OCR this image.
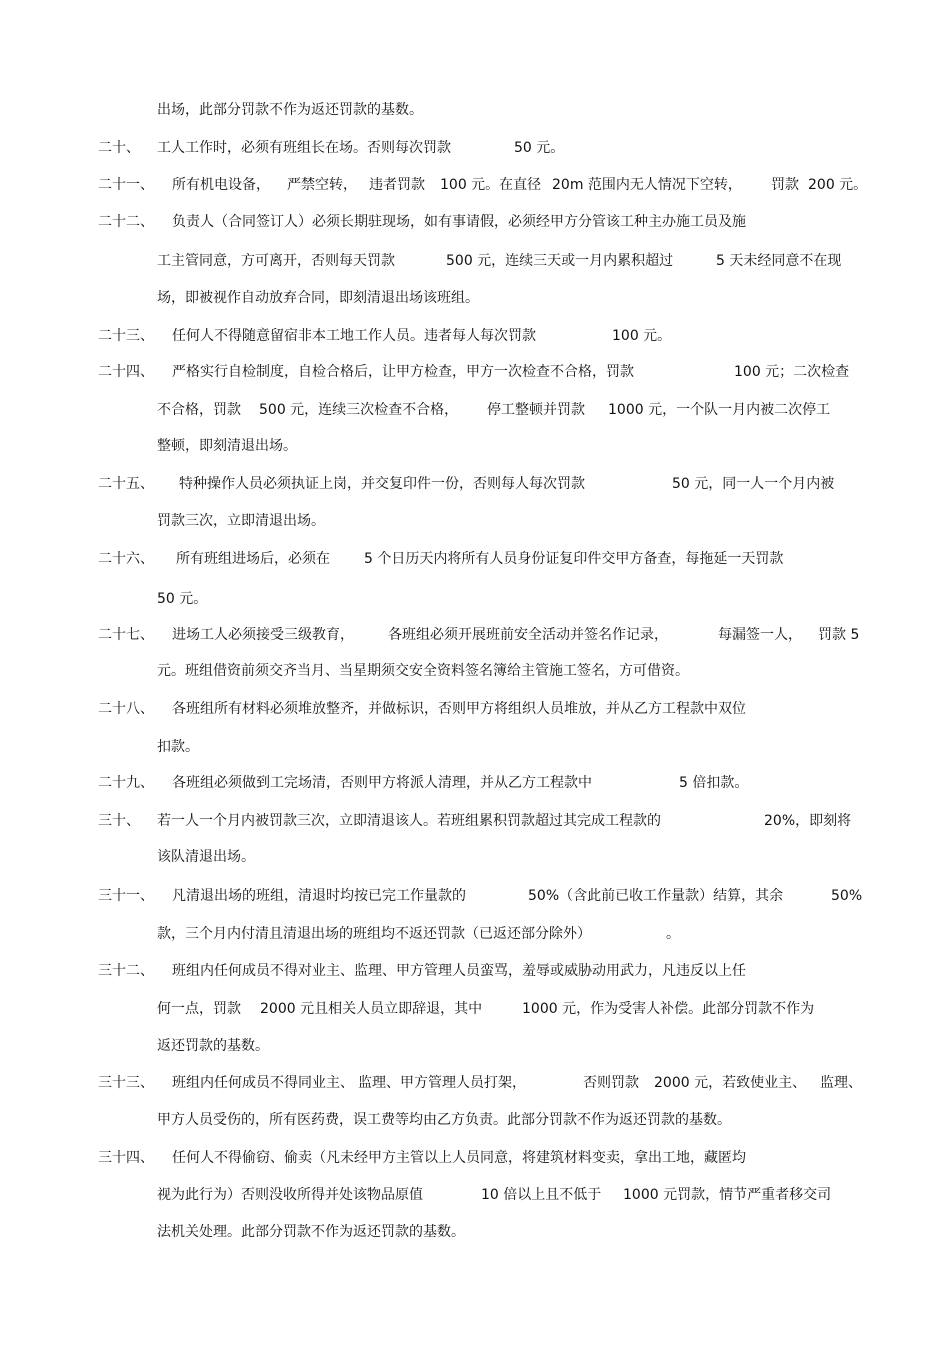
出场，此部分罚款不作为返还罚款的基数。
二十、 工人工作时，必须有班组长在场。否则每次罚款	50 元。
二十一、 所有机电设备， 严禁空转， 违者罚款 100 元。在直径 20m 范围内无人情况下空转， 罚款 200 元。
二十二、 负责人（合同签订人）必须长期驻现场，如有事请假，必须经甲方分管该工种主办施工员及施
工主管同意，方可离开，否则每天罚款	500 元，连续三天或一月内累积超过	5 天未经同意不在现
场，即被视作自动放弃合同，即刻清退出场该班组。
二十三、 任何人不得随意留宿非本工地工作人员。违者每人每次罚款	100 元。
二十四、 严格实行自检制度，自检合格后，让甲方检查，甲方一次检查不合格，罚款	100 元；二次检查
不合格，罚款 500 元，连续三次检查不合格， 停工整顿并罚款 1000 元，一个队一月内被二次停工
整顿，即刻清退出场。
二十五、 特种操作人员必须执证上岗，并交复印件一份，否则每人每次罚款	50 元，同一人一个月内被
罚款三次，立即清退出场。
二十六、 所有班组进场后，必须在 5 个日历天内将所有人员身份证复印件交甲方备查，每拖延一天罚款
50 元。
二十七、 进场工人必须接受三级教育， 各班组必须开展班前安全活动并签名作记录，	每漏签一人， 罚款 5
元。班组借资前须交齐当月、当星期须交安全资料签名簿给主管施工签名，方可借资。
二十八、 各班组所有材料必须堆放整齐，并做标识，否则甲方将组织人员堆放，并从乙方工程款中双位
扣款。
二十九、 各班组必须做到工完场清，否则甲方将派人清理，并从乙方工程款中	5 倍扣款。
三十、 若一人一个月内被罚款三次，立即清退该人。若班组累积罚款超过其完成工程款的	20%，即刻将
该队清退出场。
三十一、 凡清退出场的班组，清退时均按已完工作量款的	50%（含此前已收工作量款）结算，其余	50%
款，三个月内付清且清退出场的班组均不返还罚款（已返还部分除外）	。
三十二、 班组内任何成员不得对业主、监理、甲方管理人员蛮骂，羞辱或威胁动用武力，凡违反以上任
何一点，罚款 2000 元且相关人员立即辞退，其中	1000 元，作为受害人补偿。此部分罚款不作为
返还罚款的基数。
三十三、 班组内任何成员不得同业主、 监理、甲方管理人员打架，	否则罚款 2000 元，若致使业主、 监理、
甲方人员受伤的，所有医药费，误工费等均由乙方负责。此部分罚款不作为返还罚款的基数。
三十四、 任何人不得偷窃、偷卖（凡未经甲方主管以上人员同意，将建筑材料变卖，拿出工地，藏匿均
视为此行为）否则没收所得并处该物品原值	10 倍以上且不低于 1000 元罚款，情节严重者移交司
法机关处理。此部分罚款不作为返还罚款的基数。
